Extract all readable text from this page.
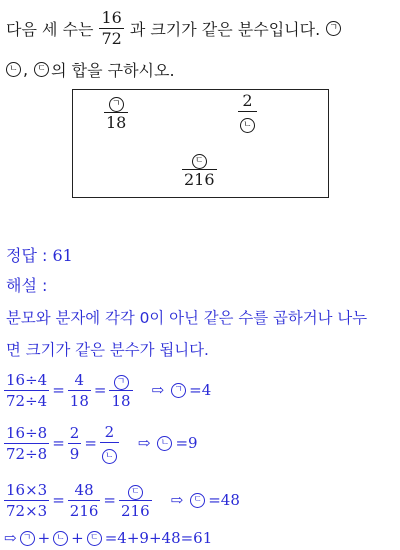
다음 세 수는 $\frac{16}{72}$ 과 크기가 같은 분수입니다.	ㄱ
ㄴ ,	ㄷ 의 합을 구하시오.
ㄱ
18
2
ㄴ
ㄷ
216
정답 : 61
해설 :
분모와 분자에 각각 0이 아닌 같은 수를 곱하거나 나누
면 크기가 같은 분수가 됩니다.
$\frac{16\div 4}{72\div 4} = \frac{4}{18} = \frac{\text{ㄱ}}{18}$ ⇨	ㄱ =4
$\frac{16\div 8}{72\div 8} = \frac{2}{9} = \frac{2}{\text{ㄴ}}$ ⇨	ㄴ =9
$\frac{16\times 3}{72\times 3} = \frac{48}{216} = \frac{\text{ㄷ}}{216}$ ⇨	ㄷ =48
⇨ ㄱ + ㄴ + ㄷ =4+9+48=61
